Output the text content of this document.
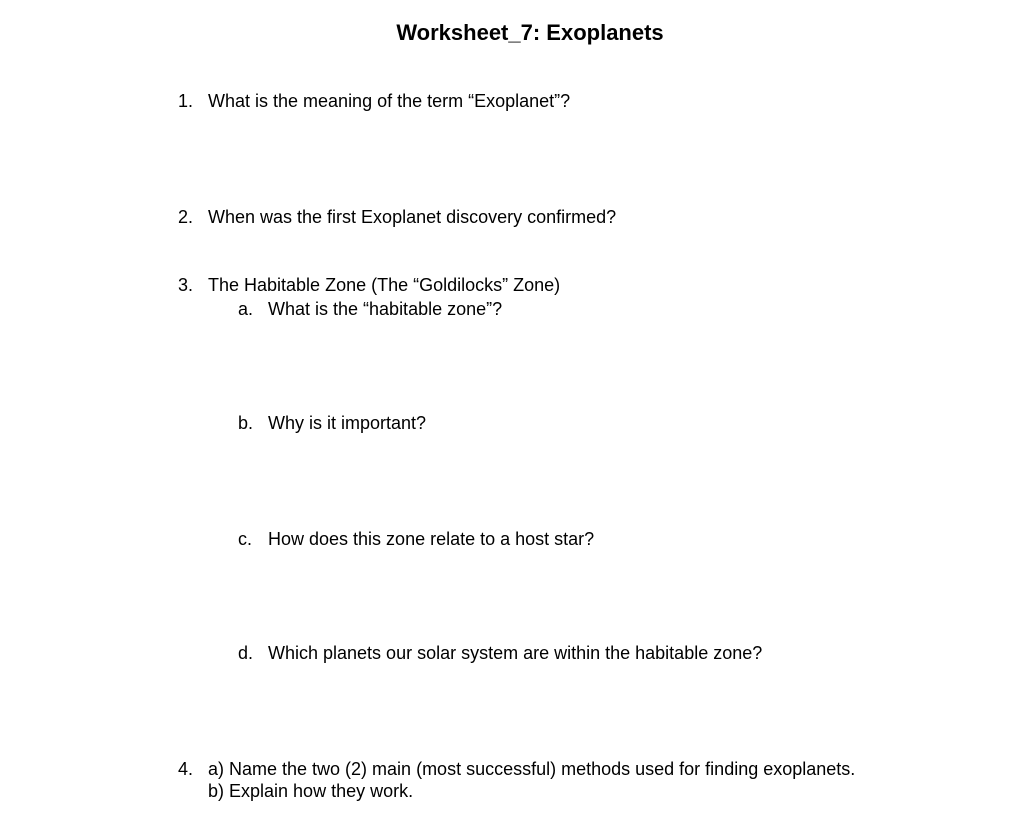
Worksheet_7: Exoplanets
1. What is the meaning of the term “Exoplanet”?
2. When was the first Exoplanet discovery confirmed?
3. The Habitable Zone (The “Goldilocks” Zone)
a. What is the “habitable zone”?
b. Why is it important?
c. How does this zone relate to a host star?
d. Which planets our solar system are within the habitable zone?
4. a) Name the two (2) main (most successful) methods used for finding exoplanets.
b) Explain how they work.
